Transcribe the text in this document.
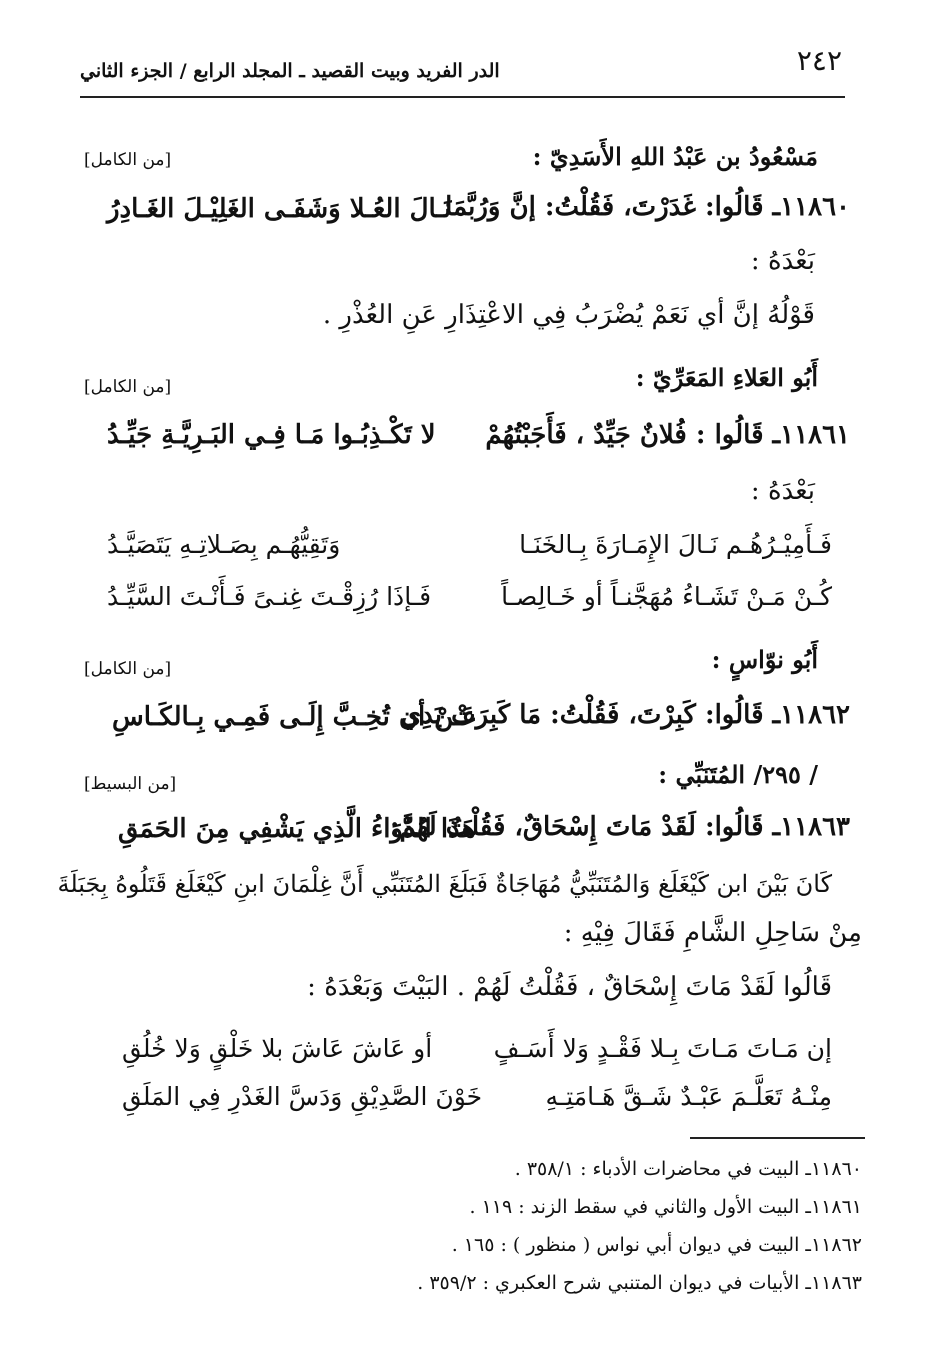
٢٤٢
الدر الفريد وبيت القصيد ـ المجلد الرابع / الجزء الثاني
مَسْعُودُ بن عَبْدُ اللهِ الأَسَدِيّ :
[من الكامل]
١١٨٦٠ـ قَالُوا: غَدَرْتَ، فَقُلْتُ: إنَّ وَرُبَّمَا
نَـالَ العُـلا وَشَفَـى الغَلِيْـلَ الغَـادِرُ
بَعْدَهُ :
قَوْلُهُ إنَّ أي نَعَمْ يُضْرَبُ فِي الاعْتِذَارِ عَنِ العُذْرِ .
أَبُو العَلاءِ المَعَرِّيّ :
[من الكامل]
١١٨٦١ـ قَالُوا : فُلانٌ جَيِّدٌ ، فَأَجَبْتُهُمْ
لا تَكْـذِبُـوا مَـا فِـي البَـرِيَّـةِ جَيِّـدُ
بَعْدَهُ :
فَـأَمِيْـرُهُـم نَـالَ الإِمَـارَةَ بِـالخَنَـا
وَتَقِيُّهُـم بِصَـلاتِـهِ يَتَصَيَّـدُ
كُـنْ مَـنْ تَشَـاءُ مُهَجَّنـاً أو خَـالِصـاً
فَـإذَا رُزِقْـتَ غِنـىً فَـأَنْـتَ السَّيِّـدُ
أَبُو نوّاسٍ :
[من الكامل]
١١٨٦٢ـ قَالُوا: كَبِرْتَ، فَقُلْتُ: مَا كَبِرَتْ يَدِي
عَـنْ أن تُخِـبَّ إِلَـى فَمِـي بِـالكَـاسِ
/ ٢٩٥/ المُتَنَبِّي :
[من البسيط]
١١٨٦٣ـ قَالُوا: لَقَدْ مَاتَ إِسْحَاقٌ، فَقُلْتُ لَهُمْ:
هَذَا الدَّوَاءُ الَّذِي يَشْفِي مِنَ الحَمَقِ
كَانَ بَيْنَ ابن كَيْغَلَغ وَالمُتَنَبِّيُّ مُهَاجَاةٌ فَبَلَغَ المُتَنَبِّي أَنَّ غِلْمَانَ ابنِ كَيْغَلَغ قَتَلُوهُ بِجَبَلَةَ
مِنْ سَاحِلِ الشَّامِ فَقَالَ فِيْهِ :
قَالُوا لَقَدْ مَاتَ إِسْحَاقٌ ، فَقُلْتُ لَهُمْ . البَيْتَ وَبَعْدَهُ :
إن مَـاتَ مَـاتَ بِـلا فَقْـدٍ وَلا أَسَـفٍ
أو عَاشَ عَاشَ بلا خَلْقٍ وَلا خُلُقِ
مِنْـهُ تَعَلَّـمَ عَبْـدٌ شَـقَّ هَـامَتِـهِ
خَوْنَ الصَّدِيْقِ وَدَسَّ الغَدْرِ فِي المَلَقِ
١١٨٦٠ـ البيت في محاضرات الأدباء : ٣٥٨/١ .
١١٨٦١ـ البيت الأول والثاني في سقط الزند : ١١٩ .
١١٨٦٢ـ البيت في ديوان أبي نواس ( منظور ) : ١٦٥ .
١١٨٦٣ـ الأبيات في ديوان المتنبي شرح العكبري : ٣٥٩/٢ .
